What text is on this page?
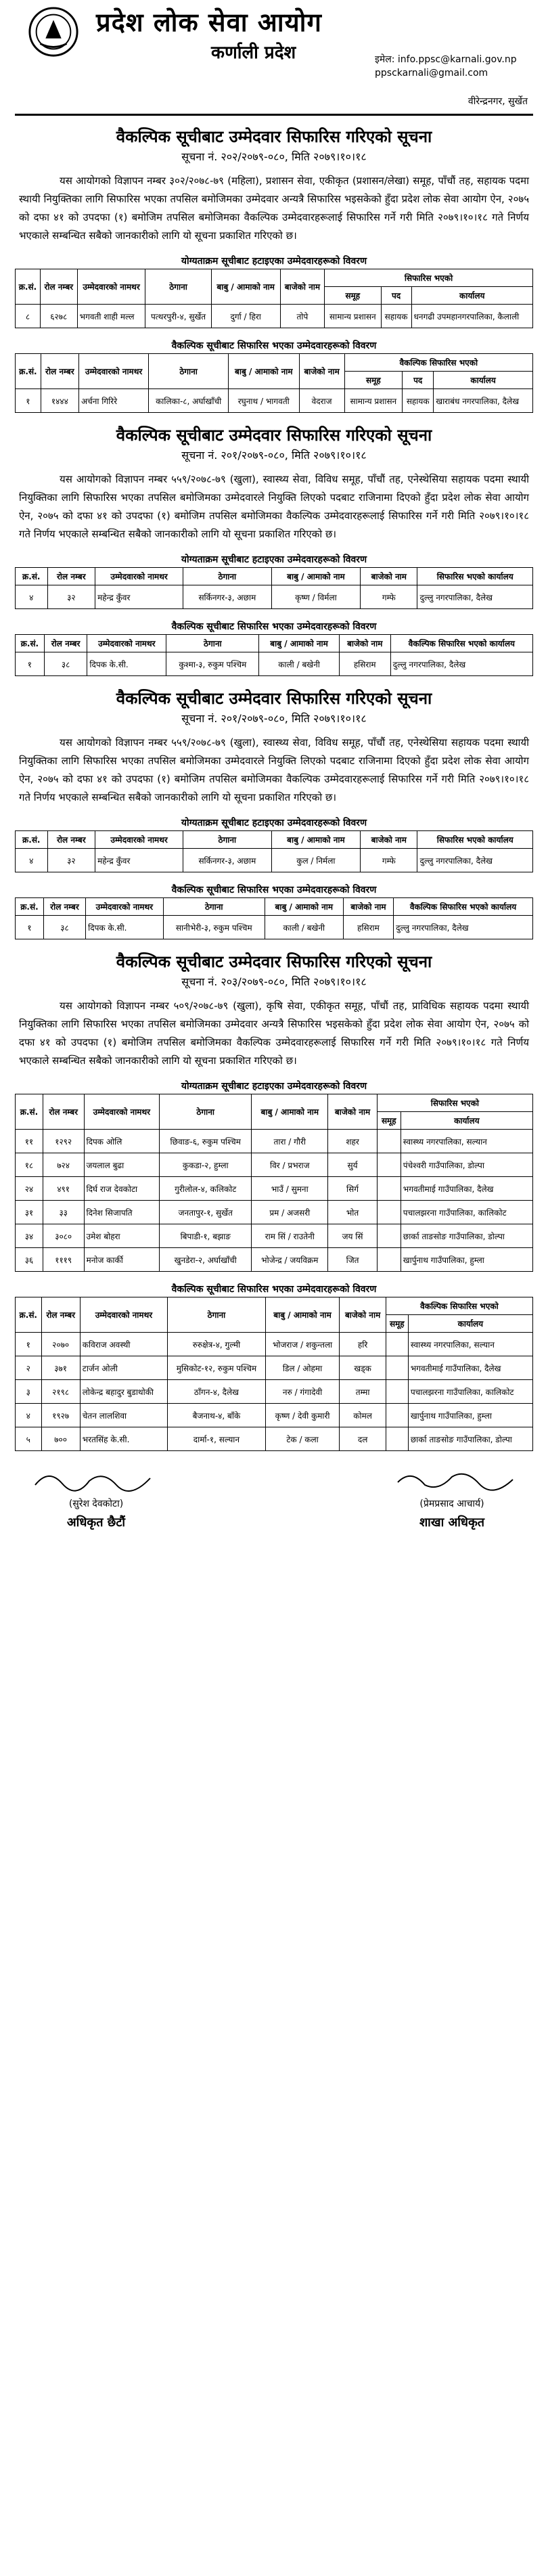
प्रदेश लोक सेवा आयोग
कर्णाली प्रदेश	इमेल: info.ppsc@karnali.gov.np
ppsckarnali@gmail.com
वीरेन्द्रनगर, सुर्खेत
वैकल्पिक सूचीबाट उम्मेदवार सिफारिस गरिएको सूचना
सूचना नं. २०२/२०७९-०८०, मिति २०७९।१०।१८

यस आयोगको विज्ञापन नम्बर ३०२/२०७८-७९ (महिला), प्रशासन सेवा, एकीकृत (प्रशासन/लेखा) समूह, पाँचौं तह, सहायक पदमा स्थायी नियुक्तिका लागि सिफारिस भएका तपसिल बमोजिमका उम्मेदवार अन्यत्रै सिफारिस भइसकेको हुँदा प्रदेश लोक सेवा आयोग ऐन, २०७५ को दफा ४१ को उपदफा (१) बमोजिम तपसिल बमोजिमका वैकल्पिक उम्मेदवारहरूलाई सिफारिस गर्ने गरी मिति २०७९।१०।१८ गते निर्णय भएकाले सम्बन्धित सबैको जानकारीको लागि यो सूचना प्रकाशित गरिएको छ।

योग्यताक्रम सूचीबाट हटाइएका उम्मेदवारहरूको विवरण
क्र.सं.	रोल नम्बर	उम्मेदवारको नामथर	ठेगाना	बाबु / आमाको नाम	बाजेको नाम	सिफारिस भएको		
						समूह	पद	कार्यालय
८	६२७८	भगवती शाही मल्ल	पत्थरपुरी-४, सुर्खेत	दुर्गा / हिरा	तोपे	सामान्य प्रशासन	सहायक	धनगढी उपमहानगरपालिका, कैलाली
वैकल्पिक सूचीबाट सिफारिस भएका उम्मेदवारहरूको विवरण
क्र.सं.	रोल नम्बर	उम्मेदवारको नामथर	ठेगाना	बाबु / आमाको नाम	बाजेको नाम	वैकल्पिक सिफारिस भएको		
						समूह	पद	कार्यालय
१	१४४४	अर्चना गिरिरे	कालिका-८, अर्घाखाँची	रघुनाथ / भागवती	वेदराज	सामान्य प्रशासन	सहायक	खाराबंध नगरपालिका, दैलेख
वैकल्पिक सूचीबाट उम्मेदवार सिफारिस गरिएको सूचना
सूचना नं. २०१/२०७९-०८०, मिति २०७९।१०।१८

यस आयोगको विज्ञापन नम्बर ५५९/२०७८-७९ (खुला), स्वास्थ्य सेवा, विविध समूह, पाँचौं तह, एनेस्थेसिया सहायक पदमा स्थायी नियुक्तिका लागि सिफारिस भएका तपसिल बमोजिमका उम्मेदवारले नियुक्ति लिएको पदबाट राजिनामा दिएको हुँदा प्रदेश लोक सेवा आयोग ऐन, २०७५ को दफा ४१ को उपदफा (१) बमोजिम तपसिल बमोजिमका वैकल्पिक उम्मेदवारहरूलाई सिफारिस गर्ने गरी मिति २०७९।१०।१८ गते निर्णय भएकाले सम्बन्धित सबैको जानकारीको लागि यो सूचना प्रकाशित गरिएको छ।

योग्यताक्रम सूचीबाट हटाइएका उम्मेदवारहरूको विवरण
क्र.सं.	रोल नम्बर	उम्मेदवारको नामथर	ठेगाना	बाबु / आमाको नाम	बाजेको नाम	सिफारिस भएको कार्यालय
४	३२	महेन्द्र कुँवर	सर्किनगर-३, अछाम	कृष्ण / विर्मला	गम्फे	दुल्लु नगरपालिका, दैलेख
वैकल्पिक सूचीबाट सिफारिस भएका उम्मेदवारहरूको विवरण
क्र.सं.	रोल नम्बर	उम्मेदवारको नामथर	ठेगाना	बाबु / आमाको नाम	बाजेको नाम	वैकल्पिक सिफारिस भएको कार्यालय
१	३८	दिपक के.सी.	कुश्मा-३, रुकुम पश्चिम	काली / बखेनी	हसिराम	दुल्लु नगरपालिका, दैलेख
वैकल्पिक सूचीबाट उम्मेदवार सिफारिस गरिएको सूचना
सूचना नं. २०१/२०७९-०८०, मिति २०७९।१०।१८

यस आयोगको विज्ञापन नम्बर ५५९/२०७८-७९ (खुला), स्वास्थ्य सेवा, विविध समूह, पाँचौं तह, एनेस्थेसिया सहायक पदमा स्थायी नियुक्तिका लागि सिफारिस भएका तपसिल बमोजिमका उम्मेदवारले नियुक्ति लिएको पदबाट राजिनामा दिएको हुँदा प्रदेश लोक सेवा आयोग ऐन, २०७५ को दफा ४१ को उपदफा (१) बमोजिम तपसिल बमोजिमका वैकल्पिक उम्मेदवारहरूलाई सिफारिस गर्ने गरी मिति २०७९।१०।१८ गते निर्णय भएकाले सम्बन्धित सबैको जानकारीको लागि यो सूचना प्रकाशित गरिएको छ।

योग्यताक्रम सूचीबाट हटाइएका उम्मेदवारहरूको विवरण
क्र.सं.	रोल नम्बर	उम्मेदवारको नामथर	ठेगाना	बाबु / आमाको नाम	बाजेको नाम	सिफारिस भएको कार्यालय
४	३२	महेन्द्र कुँवर	सर्किनगर-३, अछाम	कुल / निर्मला	गम्फे	दुल्लु नगरपालिका, दैलेख
वैकल्पिक सूचीबाट सिफारिस भएका उम्मेदवारहरूको विवरण
क्र.सं.	रोल नम्बर	उम्मेदवारको नामथर	ठेगाना	बाबु / आमाको नाम	बाजेको नाम	वैकल्पिक सिफारिस भएको कार्यालय
१	३८	दिपक के.सी.	सानीभेरी-३, रुकुम पश्चिम	काली / बखेनी	हसिराम	दुल्लु नगरपालिका, दैलेख
वैकल्पिक सूचीबाट उम्मेदवार सिफारिस गरिएको सूचना
सूचना नं. २०३/२०७९-०८०, मिति २०७९।१०।१८

यस आयोगको विज्ञापन नम्बर ५०९/२०७८-७९ (खुला), कृषि सेवा, एकीकृत समूह, पाँचौं तह, प्राविधिक सहायक पदमा स्थायी नियुक्तिका लागि सिफारिस भएका तपसिल बमोजिमका उम्मेदवार अन्यत्रै सिफारिस भइसकेको हुँदा प्रदेश लोक सेवा आयोग ऐन, २०७५ को दफा ४१ को उपदफा (१) बमोजिम तपसिल बमोजिमका वैकल्पिक उम्मेदवारहरूलाई सिफारिस गर्ने गरी मिति २०७९।१०।१८ गते निर्णय भएकाले सम्बन्धित सबैको जानकारीको लागि यो सूचना प्रकाशित गरिएको छ।

योग्यताक्रम सूचीबाट हटाइएका उम्मेदवारहरूको विवरण
क्र.सं.	रोल नम्बर	उम्मेदवारको नामथर	ठेगाना	बाबु / आमाको नाम	बाजेको नाम	सिफारिस भएको	
						समूह	कार्यालय
११	१२९२	दिपक ओलि	छिवाङ-६, रुकुम पश्चिम	तारा / गौरी	शहर		स्वास्थ्य नगरपालिका, सल्यान
१८	७२४	जयलाल बुढा	कुकडा-२, हुम्ला	विर / प्रभराज	सुर्य		पंचेश्वरी गाउँपालिका, डोल्पा
२४	४९१	दिर्घ राज देवकोटा	गुरीलोल-४, कलिकोट	भाउँ / सुमना	सिर्ग		भगवतीमाई गाउँपालिका, दैलेख
३१	३३	दिनेश सिजापति	जनतापुर-१, सुर्खेत	प्रम / अजसरी	भोत		पचालझरना गाउँपालिका, कालिकोट
३४	३०८०	उमेश बोहरा	बिपाडी-१, बझाङ	राम सिं / राउतेनी	जय सिं		छार्का ताङसोङ गाउँपालिका, डोल्पा
३६	१११९	मनोज कार्की	खुनडेरा-२, अर्घाखाँची	भोजेन्द्र / जयविक्रम	जित		खार्पुनाथ गाउँपालिका, हुम्ला
वैकल्पिक सूचीबाट सिफारिस भएका उम्मेदवारहरूको विवरण
क्र.सं.	रोल नम्बर	उम्मेदवारको नामथर	ठेगाना	बाबु / आमाको नाम	बाजेको नाम	वैकल्पिक सिफारिस भएको	
						समूह	कार्यालय
१	२०७०	कविराज अवस्थी	रुरुक्षेत्र-४, गुल्मी	भोजराज / शकुन्तला	हरि		स्वास्थ्य नगरपालिका, सल्यान
२	३७१	टार्जन ओली	मुसिकोट-१२, रुकुम पश्चिम	डिल / ओहमा	खड्क		भगवतीमाई गाउँपालिका, दैलेख
३	२१९८	लोकेन्द्र बहादुर बुडाथोकी	ठाँगन-४, दैलेख	नरु / गंगादेवी	तम्मा		पचालझरना गाउँपालिका, कालिकोट
४	१९२७	चेतन लालशिवा	बैजनाथ-४, बाँके	कृष्ण / देवी कुमारी	कोमल		खार्पुनाथ गाउँपालिका, हुम्ला
५	७००	भरतसिंह के.सी.	दार्मा-१, सल्यान	टेक / कला	दल		छार्का ताङसोङ गाउँपालिका, डोल्पा
(सुरेश देवकोटा)
अधिकृत छैटौं
(प्रेमप्रसाद आचार्य)
शाखा अधिकृत
